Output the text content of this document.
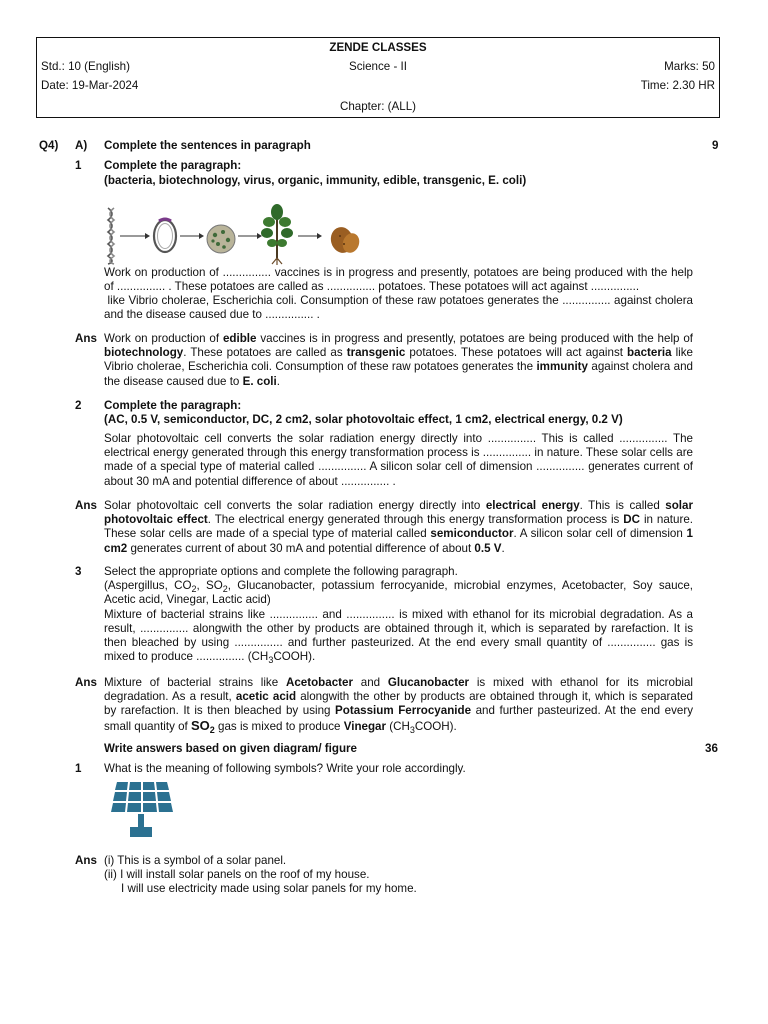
ZENDE CLASSES
Std.: 10 (English)	Science - II	Marks: 50
Date: 19-Mar-2024	Time: 2.30 HR
Chapter: (ALL)
Q4) A) Complete the sentences in paragraph	9
1 Complete the paragraph:
(bacteria, biotechnology, virus, organic, immunity, edible, transgenic, E. coli)
Work on production of ............... vaccines is in progress and presently, potatoes are being produced with the help of ............... . These potatoes are called as ............... potatoes. These potatoes will act against ...............
like Vibrio cholerae, Escherichia coli. Consumption of these raw potatoes generates the ............... against cholera and the disease caused due to ............... .
Ans Work on production of edible vaccines is in progress and presently, potatoes are being produced with the help of biotechnology. These potatoes are called as transgenic potatoes. These potatoes will act against bacteria like Vibrio cholerae, Escherichia coli. Consumption of these raw potatoes generates the immunity against cholera and the disease caused due to E. coli.
2 Complete the paragraph:
(AC, 0.5 V, semiconductor, DC, 2 cm2, solar photovoltaic effect, 1 cm2, electrical energy, 0.2 V)
Solar photovoltaic cell converts the solar radiation energy directly into ............... This is called ............... The electrical energy generated through this energy transformation process is ............... in nature. These solar cells are made of a special type of material called ............... A silicon solar cell of dimension ............... generates current of about 30 mA and potential difference of about ............... .
Ans Solar photovoltaic cell converts the solar radiation energy directly into electrical energy. This is called solar photovoltaic effect. The electrical energy generated through this energy transformation process is DC in nature. These solar cells are made of a special type of material called semiconductor. A silicon solar cell of dimension 1 cm2 generates current of about 30 mA and potential difference of about 0.5 V.
3 Select the appropriate options and complete the following paragraph.
(Aspergillus, $CO_2$, $SO_2$, Glucanobacter, potassium ferrocyanide, microbial enzymes, Acetobacter, Soy sauce, Acetic acid, Vinegar, Lactic acid)
Mixture of bacterial strains like ............... and ............... is mixed with ethanol for its microbial degradation. As a result, ............... alongwith the other by products are obtained through it, which is separated by rarefaction. It is then bleached by using ............... and further pasteurized. At the end every small quantity of ............... gas is mixed to produce ............... $(CH_3COOH)$.
Ans Mixture of bacterial strains like Acetobacter and Glucanobacter is mixed with ethanol for its microbial degradation. As a result, acetic acid alongwith the other by products are obtained through it, which is separated by rarefaction. It is then bleached by using Potassium Ferrocyanide and further pasteurized. At the end every small quantity of $SO_2$ gas is mixed to produce Vinegar $(CH_3COOH)$.
Write answers based on given diagram/ figure	36
1 What is the meaning of following symbols? Write your role accordingly.
Ans (i) This is a symbol of a solar panel.
(ii) I will install solar panels on the roof of my house.
I will use electricity made using solar panels for my home.
